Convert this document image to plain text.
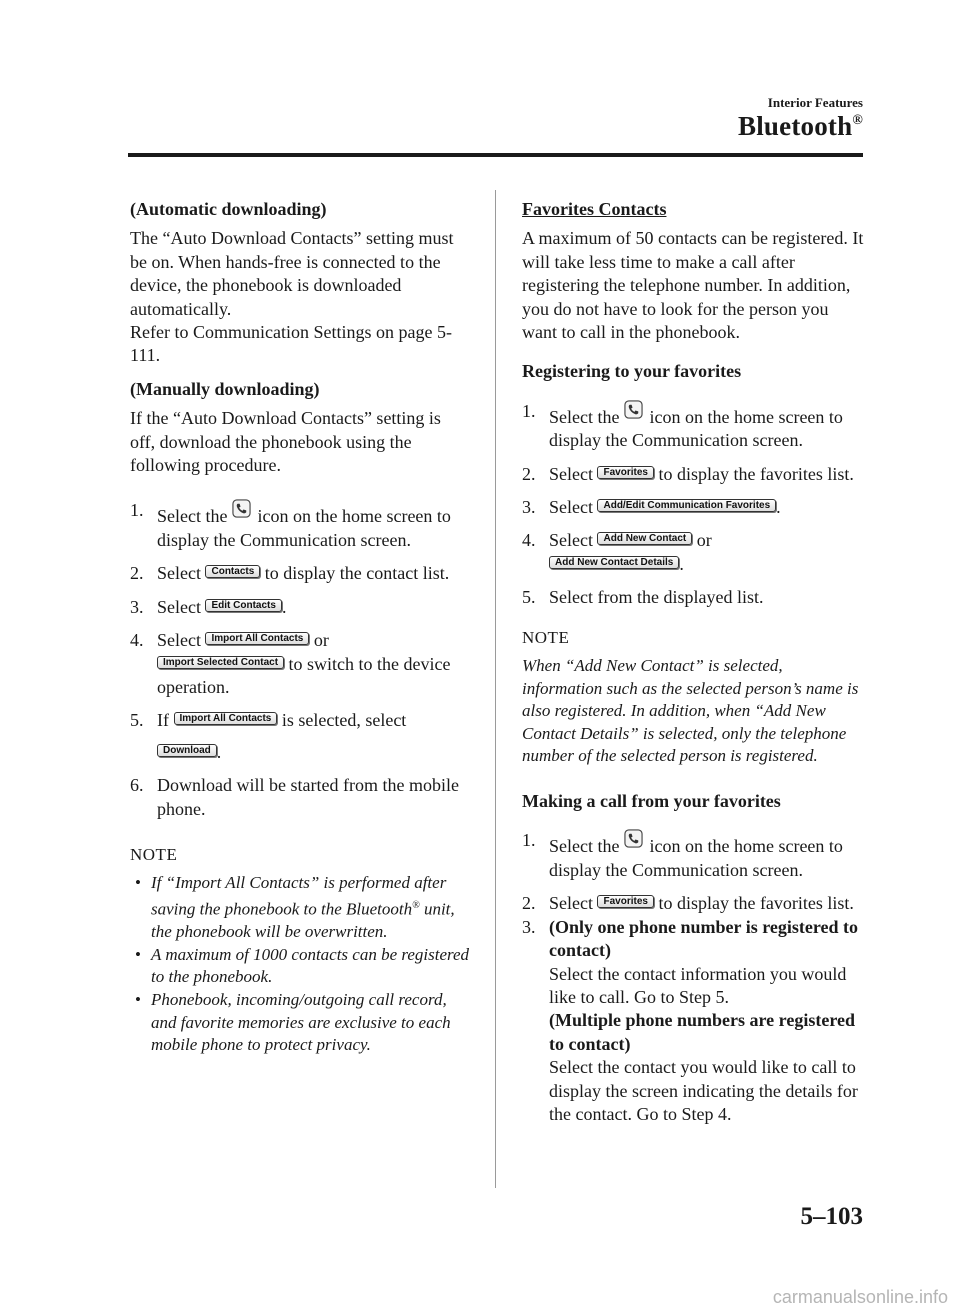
Interior Features
Bluetooth®

(Automatic downloading)

The “Auto Download Contacts” setting must be on. When hands-free is connected to the device, the phonebook is downloaded automatically.

Refer to Communication Settings on page 5-111.

(Manually downloading)

If the “Auto Download Contacts” setting is off, download the phonebook using the following procedure.

1. Select the icon on the home screen to display the Communication screen.
2. Select Contacts to display the contact list.
3. Select Edit Contacts .
4. Select Import All Contacts or
Import Selected Contact to switch to the device operation.
5. If Import All Contacts is selected, select

Download .
6. Download will be started from the mobile phone.

NOTE

• If “Import All Contacts” is performed after saving the phonebook to the Bluetooth® unit, the phonebook will be overwritten.
• A maximum of 1000 contacts can be registered to the phonebook.
• Phonebook, incoming/outgoing call record, and favorite memories are exclusive to each mobile phone to protect privacy.

Favorites Contacts

A maximum of 50 contacts can be registered. It will take less time to make a call after registering the telephone number. In addition, you do not have to look for the person you want to call in the phonebook.

Registering to your favorites

1. Select the icon on the home screen to display the Communication screen.
2. Select Favorites to display the favorites list.
3. Select Add/Edit Communication Favorites .
4. Select Add New Contact or
Add New Contact Details .
5. Select from the displayed list.

NOTE

When “Add New Contact” is selected, information such as the selected person’s name is also registered. In addition, when “Add New Contact Details” is selected, only the telephone number of the selected person is registered.

Making a call from your favorites

1. Select the icon on the home screen to display the Communication screen.
2. Select Favorites to display the favorites list.
3. (Only one phone number is registered to contact)

Select the contact information you would like to call. Go to Step 5.

(Multiple phone numbers are registered to contact)

Select the contact you would like to call to display the screen indicating the details for the contact. Go to Step 4.

5–103
carmanualsonline.info
